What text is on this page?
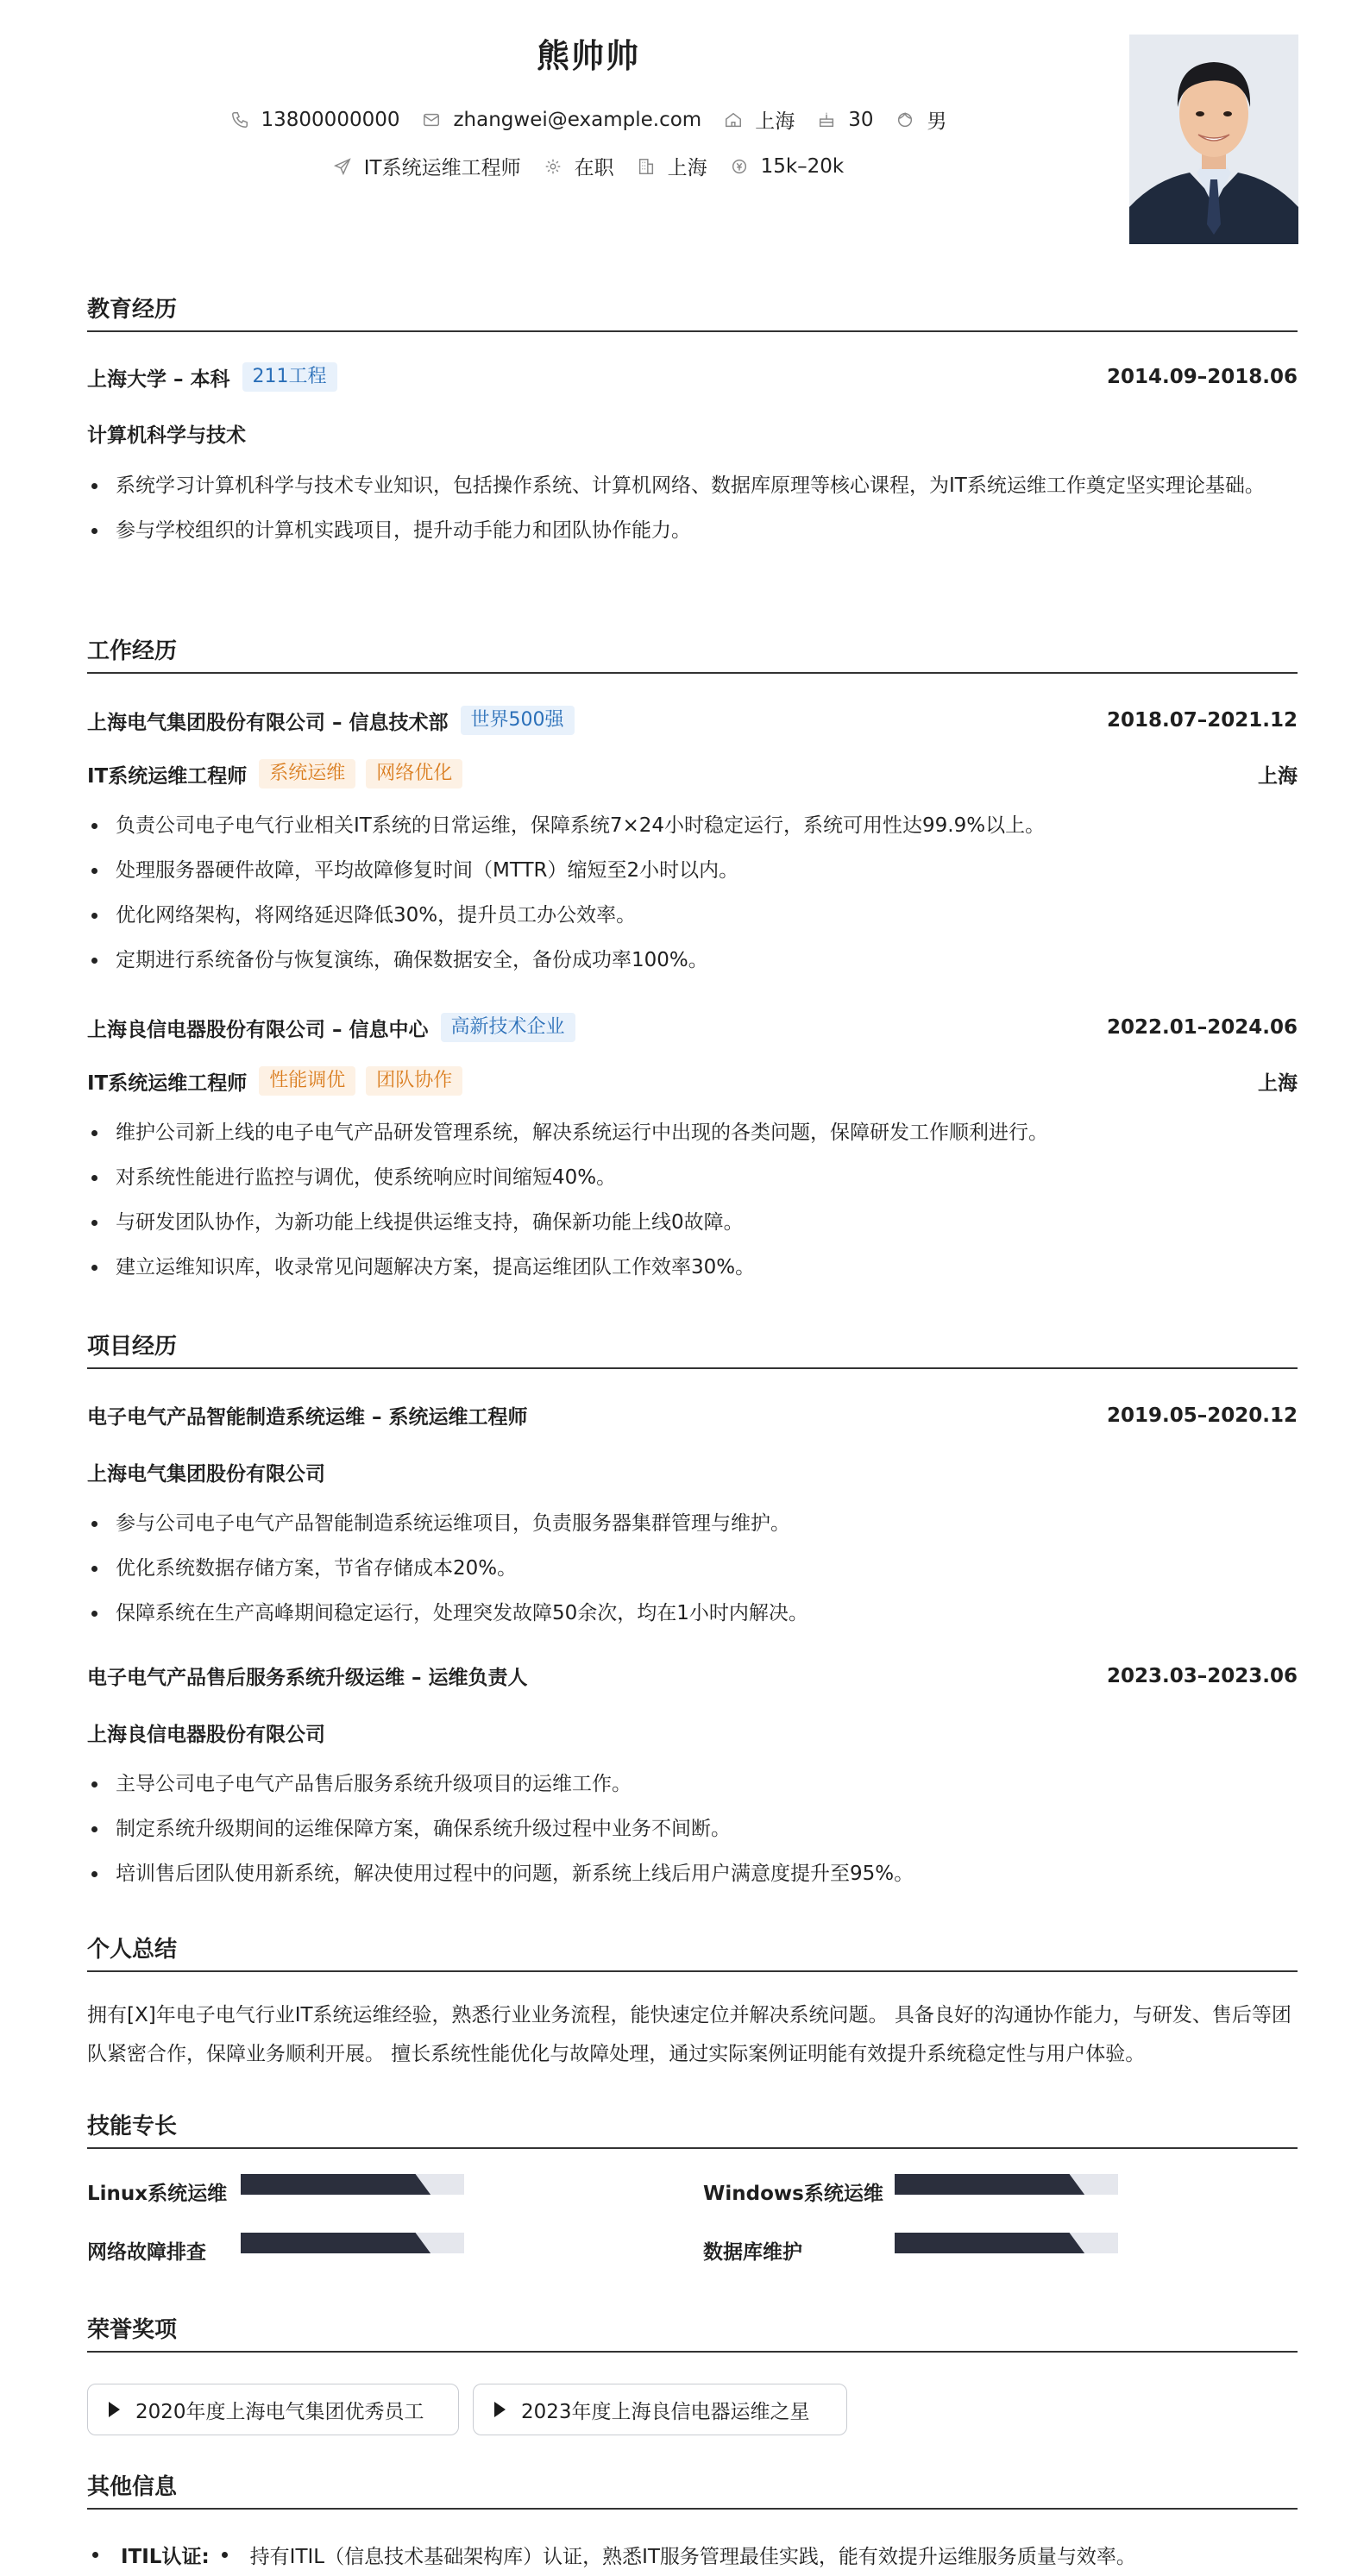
熊帅帅
13800000000	zhangwei@example.com	上海	30	男
IT系统运维工程师	在职	上海	15k–20k
教育经历
上海大学 – 本科	211工程	2014.09–2018.06
计算机科学与技术
系统学习计算机科学与技术专业知识，包括操作系统、计算机网络、数据库原理等核心课程，为IT系统运维工作奠定坚实理论基础。
参与学校组织的计算机实践项目，提升动手能力和团队协作能力。
工作经历
上海电气集团股份有限公司 – 信息技术部	世界500强	2018.07–2021.12
IT系统运维工程师	系统运维	网络优化	上海
负责公司电子电气行业相关IT系统的日常运维，保障系统7×24小时稳定运行，系统可用性达99.9%以上。
处理服务器硬件故障，平均故障修复时间（MTTR）缩短至2小时以内。
优化网络架构，将网络延迟降低30%，提升员工办公效率。
定期进行系统备份与恢复演练，确保数据安全，备份成功率100%。
上海良信电器股份有限公司 – 信息中心	高新技术企业	2022.01–2024.06
IT系统运维工程师	性能调优	团队协作	上海
维护公司新上线的电子电气产品研发管理系统，解决系统运行中出现的各类问题，保障研发工作顺利进行。
对系统性能进行监控与调优，使系统响应时间缩短40%。
与研发团队协作，为新功能上线提供运维支持，确保新功能上线0故障。
建立运维知识库，收录常见问题解决方案，提高运维团队工作效率30%。
项目经历
电子电气产品智能制造系统运维 – 系统运维工程师	2019.05–2020.12
上海电气集团股份有限公司
参与公司电子电气产品智能制造系统运维项目，负责服务器集群管理与维护。
优化系统数据存储方案，节省存储成本20%。
保障系统在生产高峰期间稳定运行，处理突发故障50余次，均在1小时内解决。
电子电气产品售后服务系统升级运维 – 运维负责人	2023.03–2023.06
上海良信电器股份有限公司
主导公司电子电气产品售后服务系统升级项目的运维工作。
制定系统升级期间的运维保障方案，确保系统升级过程中业务不间断。
培训售后团队使用新系统，解决使用过程中的问题，新系统上线后用户满意度提升至95%。
个人总结
拥有[X]年电子电气行业IT系统运维经验，熟悉行业业务流程，能快速定位并解决系统问题。 具备良好的沟通协作能力，与研发、售后等团队紧密合作，保障业务顺利开展。 擅长系统性能优化与故障处理，通过实际案例证明能有效提升系统稳定性与用户体验。
技能专长
Linux系统运维	Windows系统运维
网络故障排查	数据库维护
荣誉奖项
2020年度上海电气集团优秀员工	2023年度上海良信电器运维之星
其他信息
ITIL认证: 持有ITIL（信息技术基础架构库）认证，熟悉IT服务管理最佳实践，能有效提升运维服务质量与效率。
